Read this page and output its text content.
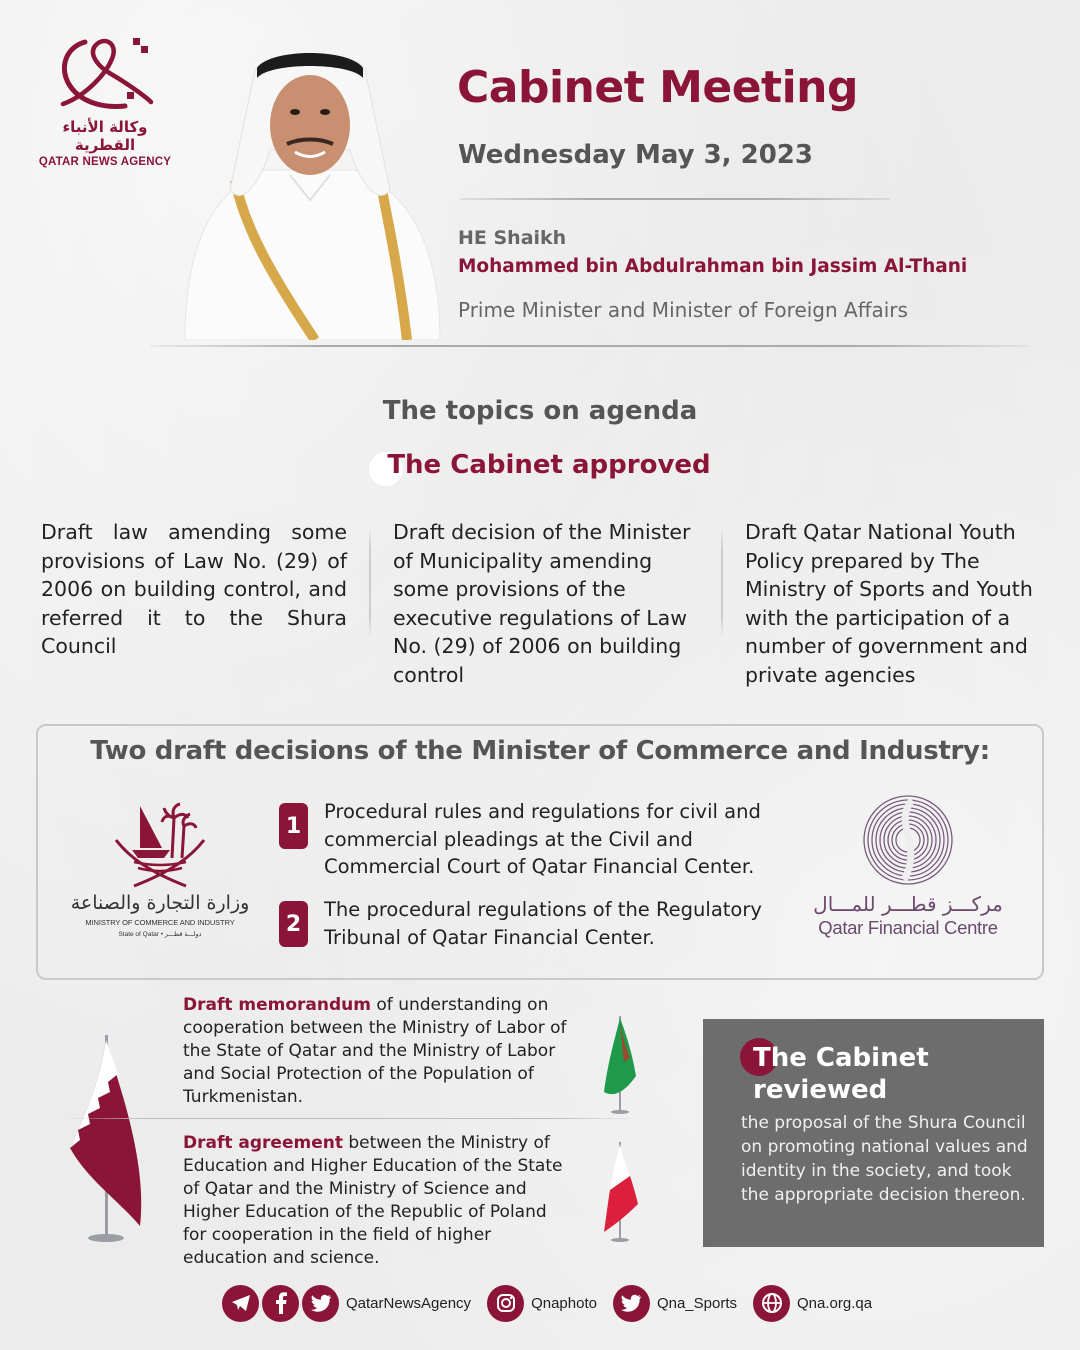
وكالة الأنباء القطرية
QATAR NEWS AGENCY
Cabinet Meeting
Wednesday May 3, 2023
HE Shaikh
Mohammed bin Abdulrahman bin Jassim Al-Thani
Prime Minister and Minister of Foreign Affairs
The topics on agenda
The Cabinet approved
Draft law amending some provisions of Law No. (29) of 2006 on building control, and referred it to the Shura Council
Draft decision of the Minister of Municipality amending some provisions of the executive regulations of Law No. (29) of 2006 on building control
Draft Qatar National Youth Policy prepared by The Ministry of Sports and Youth with the participation of a number of government and private agencies
Two draft decisions of the Minister of Commerce and Industry:
وزارة التجارة والصناعة
MINISTRY OF COMMERCE AND INDUSTRY
State of Qatar • دولـــة قطـــر
1
Procedural rules and regulations for civil and commercial pleadings at the Civil and Commercial Court of Qatar Financial Center.
2
The procedural regulations of the Regulatory Tribunal of Qatar Financial Center.
مركـــز قطـــر للمـــال
Qatar Financial Centre
Draft memorandum of understanding on cooperation between the Ministry of Labor of the State of Qatar and the Ministry of Labor and Social Protection of the Population of Turkmenistan.
Draft agreement between the Ministry of Education and Higher Education of the State of Qatar and the Ministry of Science and Higher Education of the Republic of Poland for cooperation in the field of higher education and science.
The Cabinet
reviewed
the proposal of the Shura Council on promoting national values and identity in the society, and took the appropriate decision thereon.
QatarNewsAgency	Qnaphoto	Qna_Sports	Qna.org.qa
